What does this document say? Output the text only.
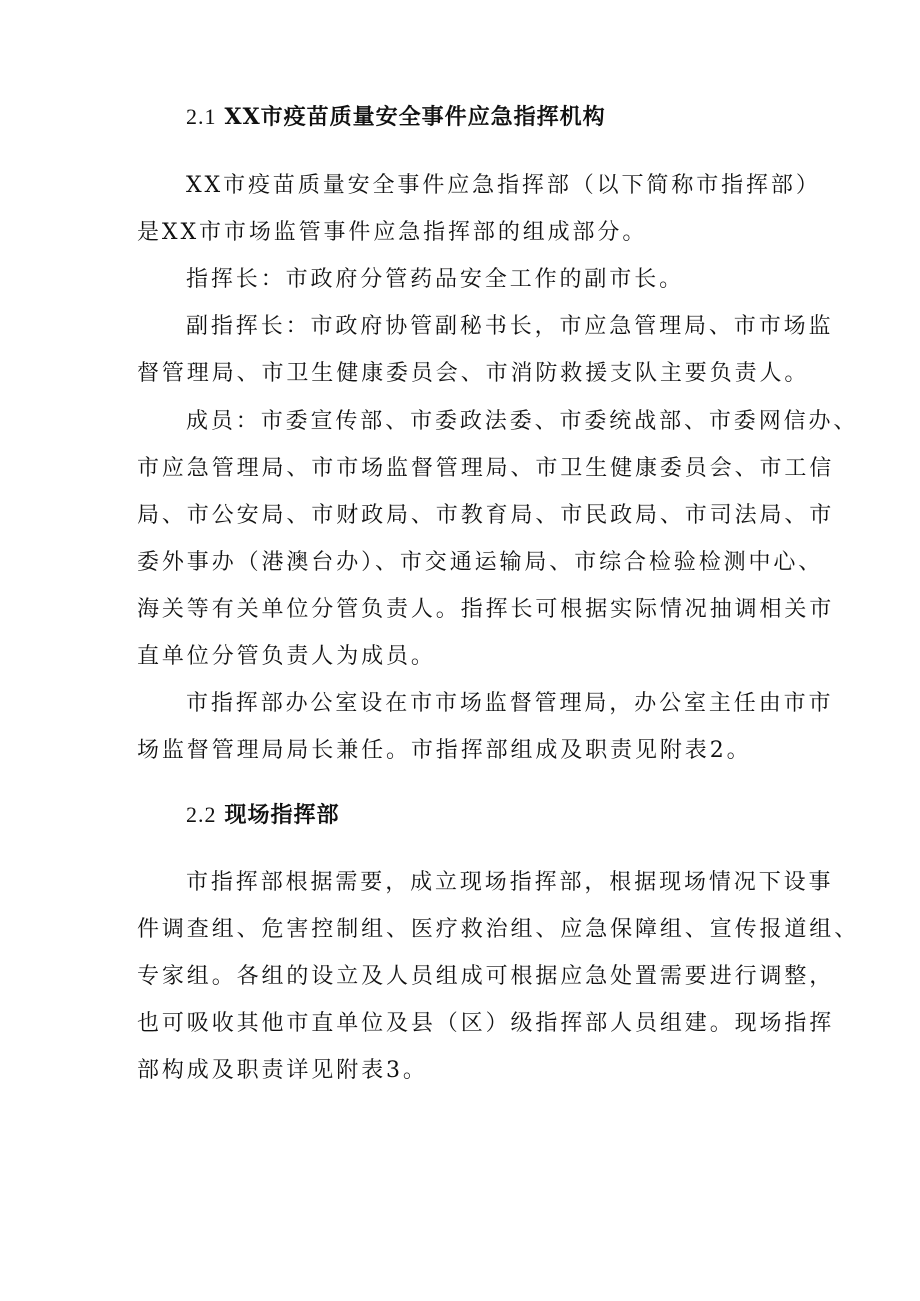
2.1 XX市疫苗质量安全事件应急指挥机构
XX市疫苗质量安全事件应急指挥部（以下简称市指挥部）
是XX市市场监管事件应急指挥部的组成部分。
指挥长：市政府分管药品安全工作的副市长。
副指挥长：市政府协管副秘书长，市应急管理局、市市场监
督管理局、市卫生健康委员会、市消防救援支队主要负责人。
成员：市委宣传部、市委政法委、市委统战部、市委网信办、
市应急管理局、市市场监督管理局、市卫生健康委员会、市工信
局、市公安局、市财政局、市教育局、市民政局、市司法局、市
委外事办（港澳台办）、市交通运输局、市综合检验检测中心、
海关等有关单位分管负责人。指挥长可根据实际情况抽调相关市
直单位分管负责人为成员。
市指挥部办公室设在市市场监督管理局，办公室主任由市市
场监督管理局局长兼任。市指挥部组成及职责见附表2。
2.2 现场指挥部
市指挥部根据需要，成立现场指挥部，根据现场情况下设事
件调查组、危害控制组、医疗救治组、应急保障组、宣传报道组、
专家组。各组的设立及人员组成可根据应急处置需要进行调整，
也可吸收其他市直单位及县（区）级指挥部人员组建。现场指挥
部构成及职责详见附表3。
